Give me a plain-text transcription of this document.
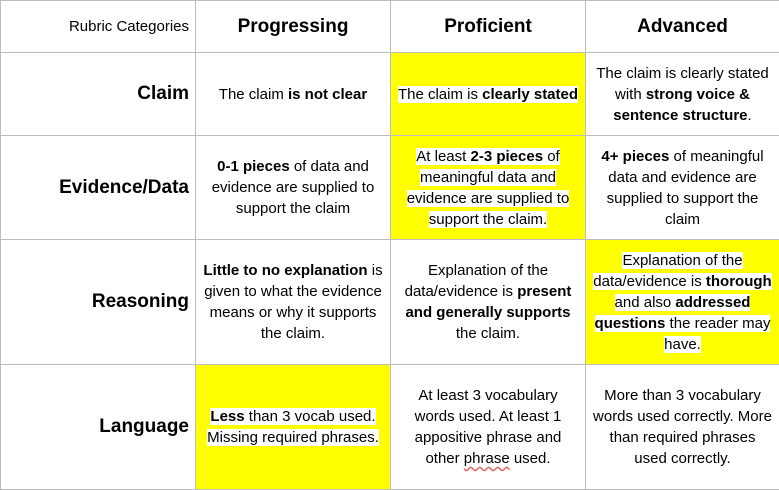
Rubric Categories	Progressing	Proficient	Advanced
Claim	The claim is not clear	The claim is clearly stated	The claim is clearly stated with strong voice & sentence structure.
Evidence/Data	0-1 pieces of data and evidence are supplied to support the claim	At least 2-3 pieces of meaningful data and evidence are supplied to support the claim.	4+ pieces of meaningful data and evidence are supplied to support the claim
Reasoning	Little to no explanation is given to what the evidence means or why it supports the claim.	Explanation of the data/evidence is present and generally supports the claim.	Explanation of the data/evidence is thorough and also addressed questions the reader may have.
Language	Less than 3 vocab used. Missing required phrases.	At least 3 vocabulary words used. At least 1 appositive phrase and other phrase used.	More than 3 vocabulary words used correctly. More than required phrases used correctly.
